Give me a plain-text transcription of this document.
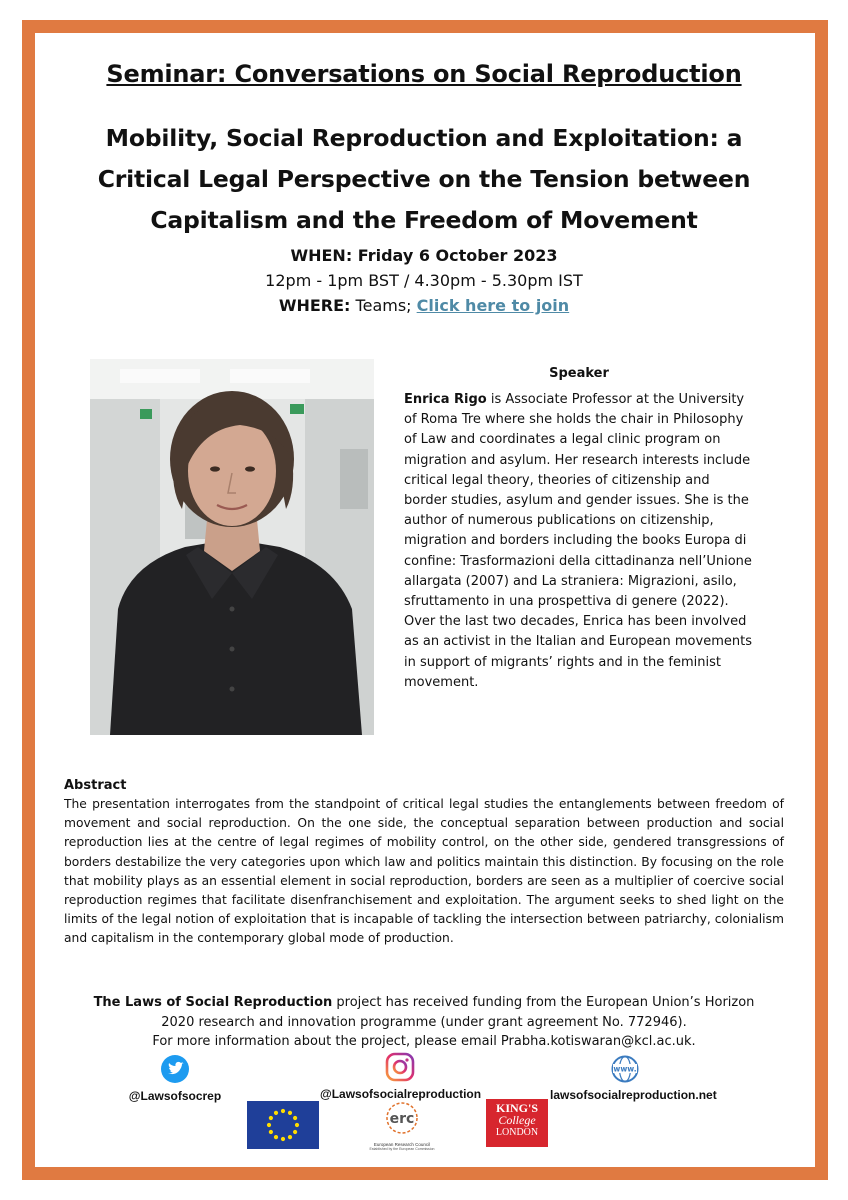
Seminar: Conversations on Social Reproduction
Mobility, Social Reproduction and Exploitation: a
Critical Legal Perspective on the Tension between
Capitalism and the Freedom of Movement
WHEN: Friday 6 October 2023
12pm - 1pm BST / 4.30pm - 5.30pm IST
WHERE: Teams; Click here to join
Speaker
Enrica Rigo is Associate Professor at the University of Roma Tre where she holds the chair in Philosophy of Law and coordinates a legal clinic program on migration and asylum. Her research interests include critical legal theory, theories of citizenship and border studies, asylum and gender issues. She is the author of numerous publications on citizenship, migration and borders including the books Europa di confine: Trasformazioni della cittadinanza nell’Unione allargata (2007) and La straniera: Migrazioni, asilo, sfruttamento in una prospettiva di genere (2022). Over the last two decades, Enrica has been involved as an activist in the Italian and European movements in support of migrants’ rights and in the feminist movement.
Abstract
The presentation interrogates from the standpoint of critical legal studies the entanglements between freedom of movement and social reproduction. On the one side, the conceptual separation between production and social reproduction lies at the centre of legal regimes of mobility control, on the other side, gendered transgressions of borders destabilize the very categories upon which law and politics maintain this distinction. By focusing on the role that mobility plays as an essential element in social reproduction, borders are seen as a multiplier of coercive social reproduction regimes that facilitate disenfranchisement and exploitation. The argument seeks to shed light on the limits of the legal notion of exploitation that is incapable of tackling the intersection between patriarchy, colonialism and capitalism in the contemporary global mode of production.
The Laws of Social Reproduction project has received funding from the European Union’s Horizon
2020 research and innovation programme (under grant agreement No. 772946).
For more information about the project, please email Prabha.kotiswaran@kcl.ac.uk.
@Lawsofsocrep	@Lawsofsocialreproduction
www.
lawsofsocialreproduction.net
erc
European Research Council
Established by the European Commission
KING'S
College
LONDON
